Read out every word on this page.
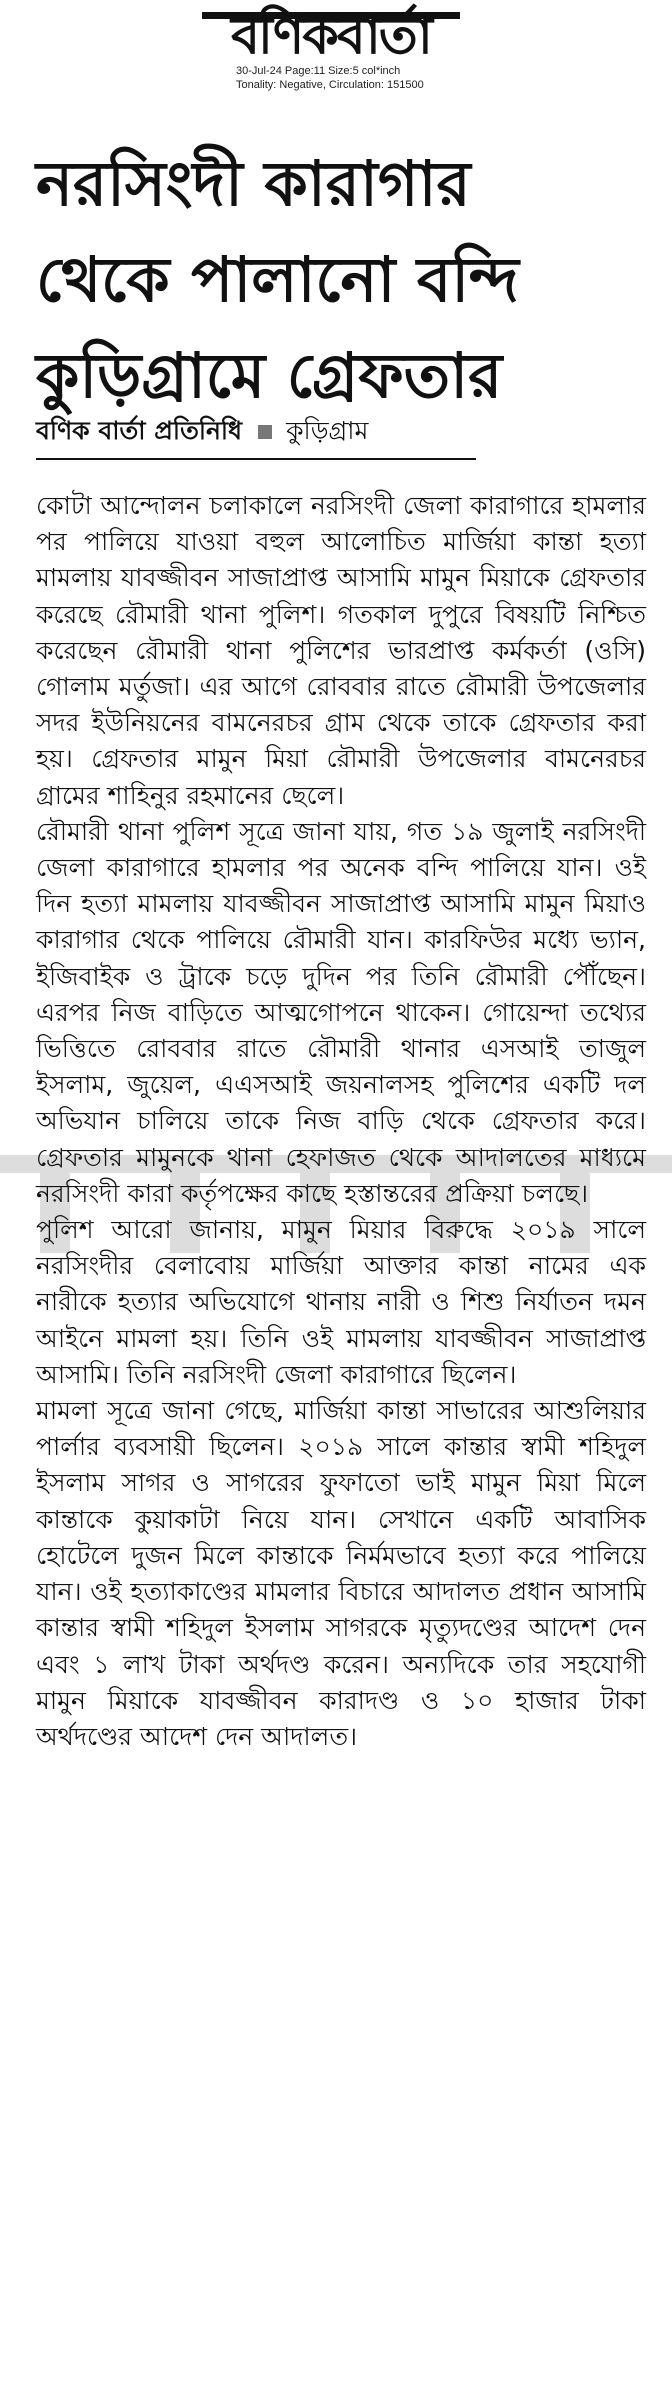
বণিকবার্তা
30-Jul-24 Page:11 Size:5 col*inch
Tonality: Negative, Circulation: 151500
নরসিংদী কারাগার
থেকে পালানো বন্দি
কুড়িগ্রামে গ্রেফতার
বণিক বার্তা প্রতিনিধি কুড়িগ্রাম

কোটা আন্দোলন চলাকালে নরসিংদী জেলা কারাগারে হামলার পর পালিয়ে যাওয়া বহুল আলোচিত মার্জিয়া কান্তা হত্যা মামলায় যাবজ্জীবন সাজাপ্রাপ্ত আসামি মামুন মিয়াকে গ্রেফতার করেছে রৌমারী থানা পুলিশ। গতকাল দুপুরে বিষয়টি নিশ্চিত করেছেন রৌমারী থানা পুলিশের ভারপ্রাপ্ত কর্মকর্তা (ওসি) গোলাম মর্তুজা। এর আগে রোববার রাতে রৌমারী উপজেলার সদর ইউনিয়নের বামনেরচর গ্রাম থেকে তাকে গ্রেফতার করা হয়। গ্রেফতার মামুন মিয়া রৌমারী উপজেলার বামনেরচর গ্রামের শাহিনুর রহমানের ছেলে।

রৌমারী থানা পুলিশ সূত্রে জানা যায়, গত ১৯ জুলাই নরসিংদী জেলা কারাগারে হামলার পর অনেক বন্দি পালিয়ে যান। ওই দিন হত্যা মামলায় যাবজ্জীবন সাজাপ্রাপ্ত আসামি মামুন মিয়াও কারাগার থেকে পালিয়ে রৌমারী যান। কারফিউর মধ্যে ভ্যান, ইজিবাইক ও ট্রাকে চড়ে দুদিন পর তিনি রৌমারী পৌঁছেন। এরপর নিজ বাড়িতে আত্মগোপনে থাকেন। গোয়েন্দা তথ্যের ভিত্তিতে রোববার রাতে রৌমারী থানার এসআই তাজুল ইসলাম, জুয়েল, এএসআই জয়নালসহ পুলিশের একটি দল অভিযান চালিয়ে তাকে নিজ বাড়ি থেকে গ্রেফতার করে। গ্রেফতার মামুনকে থানা হেফাজত থেকে আদালতের মাধ্যমে নরসিংদী কারা কর্তৃপক্ষের কাছে হস্তান্তরের প্রক্রিয়া চলছে।

পুলিশ আরো জানায়, মামুন মিয়ার বিরুদ্ধে ২০১৯ সালে নরসিংদীর বেলাবোয় মার্জিয়া আক্তার কান্তা নামের এক নারীকে হত্যার অভিযোগে থানায় নারী ও শিশু নির্যাতন দমন আইনে মামলা হয়। তিনি ওই মামলায় যাবজ্জীবন সাজাপ্রাপ্ত আসামি। তিনি নরসিংদী জেলা কারাগারে ছিলেন।

মামলা সূত্রে জানা গেছে, মার্জিয়া কান্তা সাভারের আশুলিয়ার পার্লার ব্যবসায়ী ছিলেন। ২০১৯ সালে কান্তার স্বামী শহিদুল ইসলাম সাগর ও সাগরের ফুফাতো ভাই মামুন মিয়া মিলে কান্তাকে কুয়াকাটা নিয়ে যান। সেখানে একটি আবাসিক হোটেলে দুজন মিলে কান্তাকে নির্মমভাবে হত্যা করে পালিয়ে যান। ওই হত্যাকাণ্ডের মামলার বিচারে আদালত প্রধান আসামি কান্তার স্বামী শহিদুল ইসলাম সাগরকে মৃত্যুদণ্ডের আদেশ দেন এবং ১ লাখ টাকা অর্থদণ্ড করেন। অন্যদিকে তার সহযোগী মামুন মিয়াকে যাবজ্জীবন কারাদণ্ড ও ১০ হাজার টাকা অর্থদণ্ডের আদেশ দেন আদালত।
